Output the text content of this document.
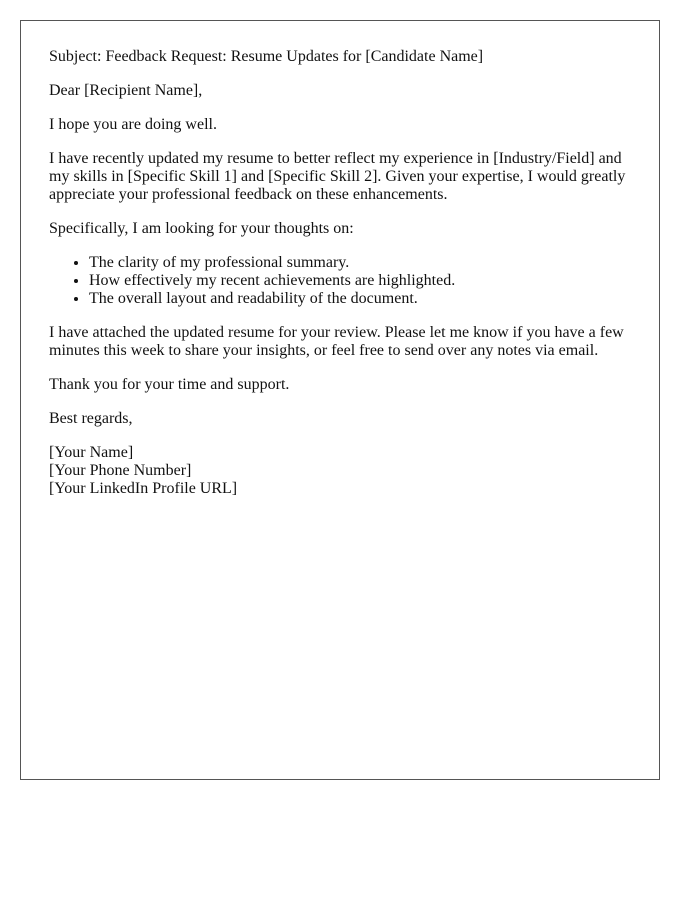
Subject: Feedback Request: Resume Updates for [Candidate Name]

Dear [Recipient Name],

I hope you are doing well.

I have recently updated my resume to better reflect my experience in [Industry/Field] and my skills in [Specific Skill 1] and [Specific Skill 2]. Given your expertise, I would greatly appreciate your professional feedback on these enhancements.

Specifically, I am looking for your thoughts on:

• The clarity of my professional summary.
• How effectively my recent achievements are highlighted.
• The overall layout and readability of the document.

I have attached the updated resume for your review. Please let me know if you have a few minutes this week to share your insights, or feel free to send over any notes via email.

Thank you for your time and support.

Best regards,

[Your Name]
[Your Phone Number]
[Your LinkedIn Profile URL]
